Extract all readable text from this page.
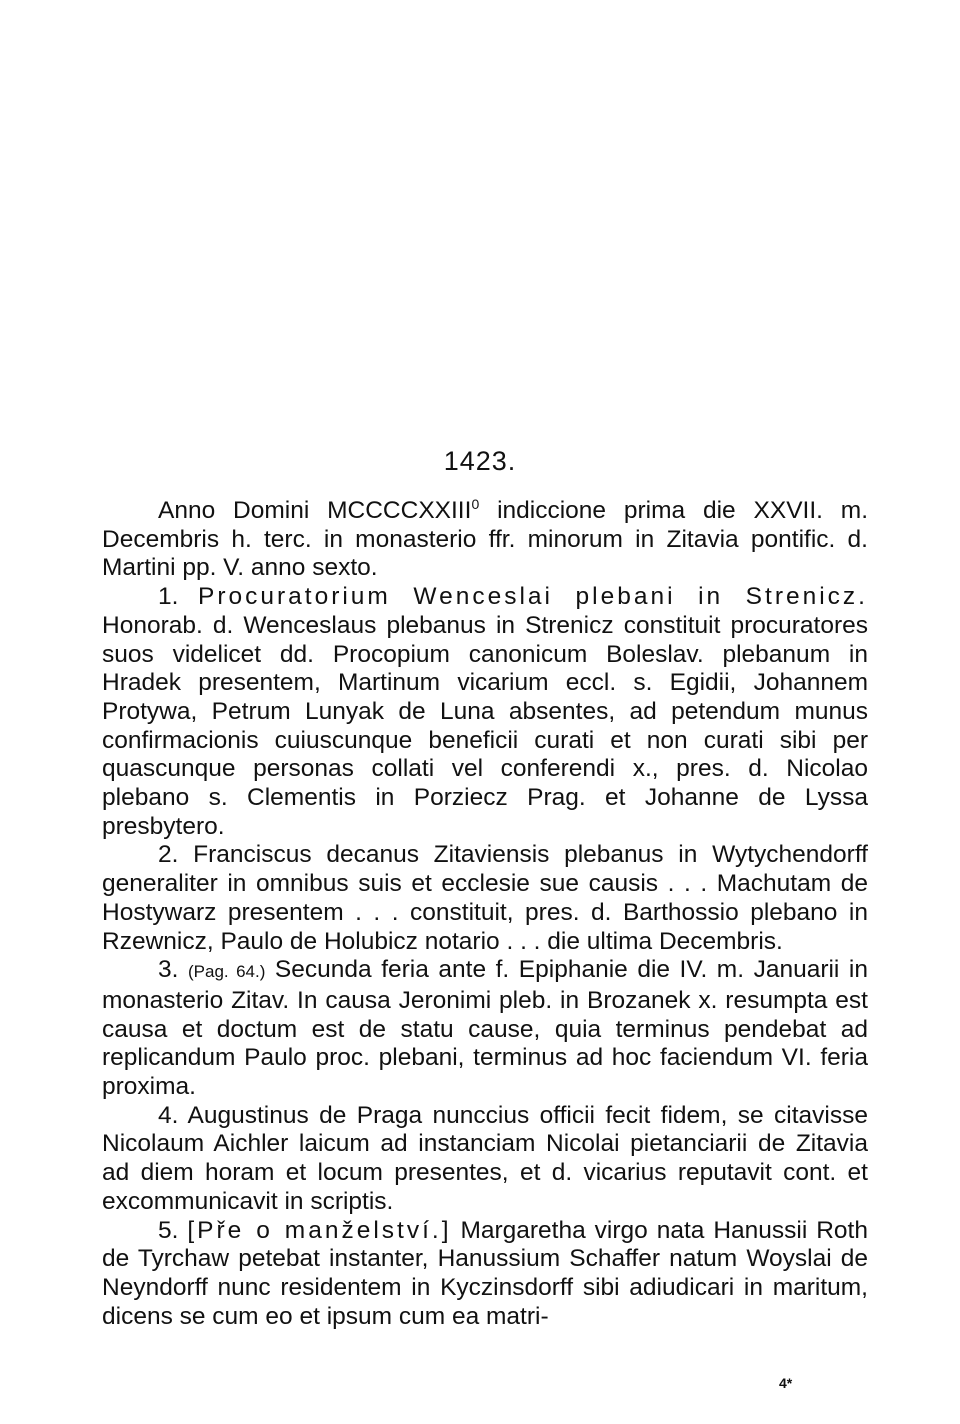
1423.

Anno Domini MCCCCXXIII$^0$ indiccione prima die XXVII. m. Decembris h. terc. in monasterio ffr. minorum in Zitavia pontific. d. Martini pp. V. anno sexto.

1. Procuratorium Wenceslai plebani in Strenicz. Honorab. d. Wenceslaus plebanus in Strenicz constituit procuratores suos videlicet dd. Procopium canonicum Boleslav. plebanum in Hradek presentem, Martinum vicarium eccl. s. Egidii, Johannem Protywa, Petrum Lunyak de Luna absentes, ad petendum munus confirmacionis cuiuscunque beneficii curati et non curati sibi per quascunque personas collati vel conferendi x., pres. d. Nicolao plebano s. Clementis in Porziecz Prag. et Johanne de Lyssa presbytero.

2. Franciscus decanus Zitaviensis plebanus in Wytychendorff generaliter in omnibus suis et ecclesie sue causis . . . Machutam de Hostywarz presentem . . . constituit, pres. d. Barthossio plebano in Rzewnicz, Paulo de Holubicz notario . . . die ultima Decembris.

3. (Pag. 64.) Secunda feria ante f. Epiphanie die IV. m. Januarii in monasterio Zitav. In causa Jeronimi pleb. in Brozanek x. resumpta est causa et doctum est de statu cause, quia terminus pendebat ad replicandum Paulo proc. plebani, terminus ad hoc faciendum VI. feria proxima.

4. Augustinus de Praga nunccius officii fecit fidem, se citavisse Nicolaum Aichler laicum ad instanciam Nicolai pietanciarii de Zitavia ad diem horam et locum presentes, et d. vicarius reputavit cont. et excommunicavit in scriptis.

5. [Pře o manželství.] Margaretha virgo nata Hanussii Roth de Tyrchaw petebat instanter, Hanussium Schaffer natum Woyslai de Neyndorff nunc residentem in Kyczinsdorff sibi adiudicari in maritum, dicens se cum eo et ipsum cum ea matri-

4*
